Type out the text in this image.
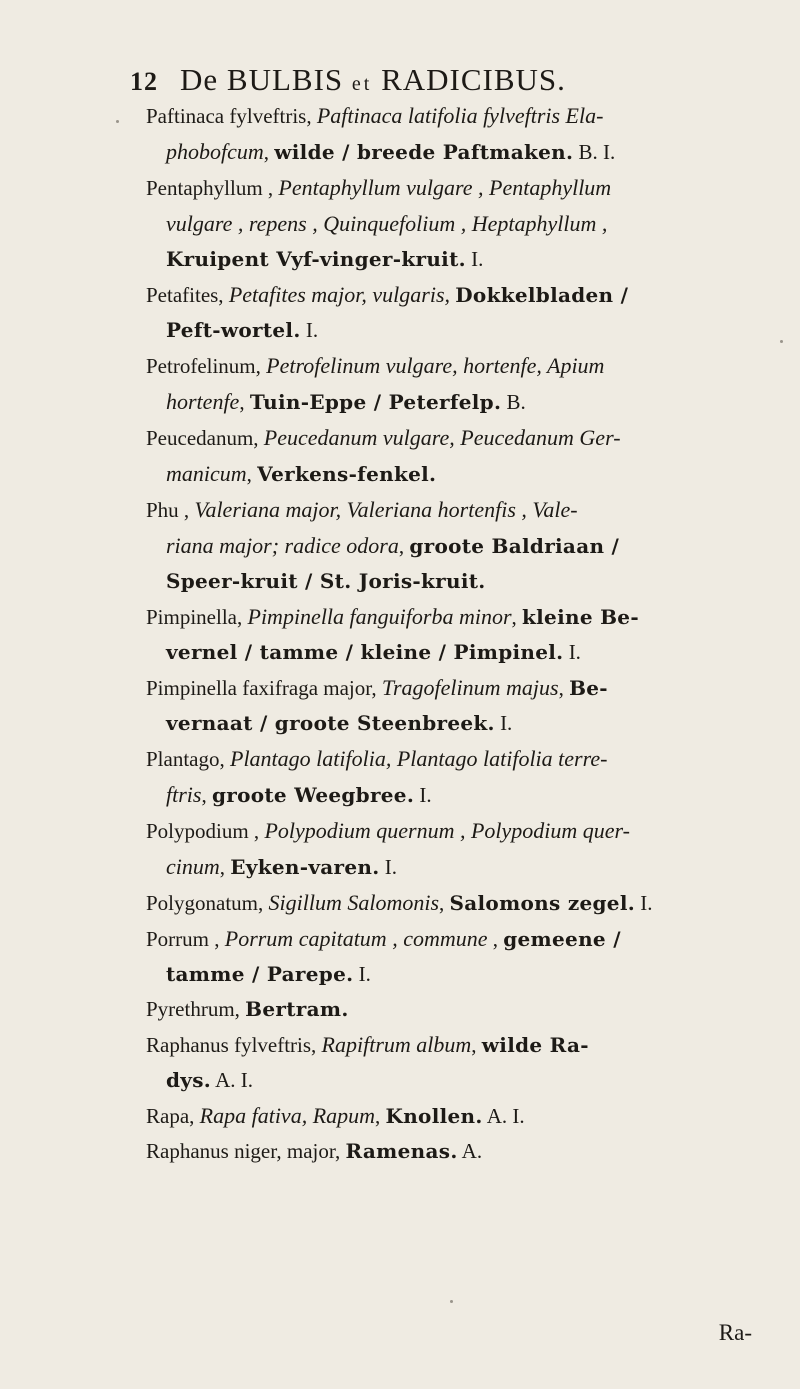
12 De BULBIS et RADICIBUS.
Paftinaca fylveftris, Paftinaca latifolia fylveftris Ela-
phobofcum, wilde / breede Paftmaken. B. I.
Pentaphyllum , Pentaphyllum vulgare , Pentaphyllum
vulgare , repens , Quinquefolium , Heptaphyllum ,
Kruipent Vyf-vinger-kruit. I.
Petafites, Petafites major, vulgaris, Dokkelbladen /
Peft-wortel. I.
Petrofelinum, Petrofelinum vulgare, hortenfe, Apium
hortenfe, Tuin-Eppe / Peterfelp. B.
Peucedanum, Peucedanum vulgare, Peucedanum Ger-
manicum, Verkens-fenkel.
Phu , Valeriana major, Valeriana hortenfis , Vale-
riana major; radice odora, groote Baldriaan /
Speer-kruit / St. Joris-kruit.
Pimpinella, Pimpinella fanguiforba minor, kleine Be-
vernel / tamme / kleine / Pimpinel. I.
Pimpinella faxifraga major, Tragofelinum majus, Be-
vernaat / groote Steenbreek. I.
Plantago, Plantago latifolia, Plantago latifolia terre-
ftris, groote Weegbree. I.
Polypodium , Polypodium quernum , Polypodium quer-
cinum, Eyken-varen. I.
Polygonatum, Sigillum Salomonis, Salomons zegel. I.
Porrum , Porrum capitatum , commune , gemeene /
tamme / Parepe. I.
Pyrethrum, Bertram.
Raphanus fylveftris, Rapiftrum album, wilde Ra-
dys. A. I.
Rapa, Rapa fativa, Rapum, Knollen. A. I.
Raphanus niger, major, Ramenas. A.
Ra-
